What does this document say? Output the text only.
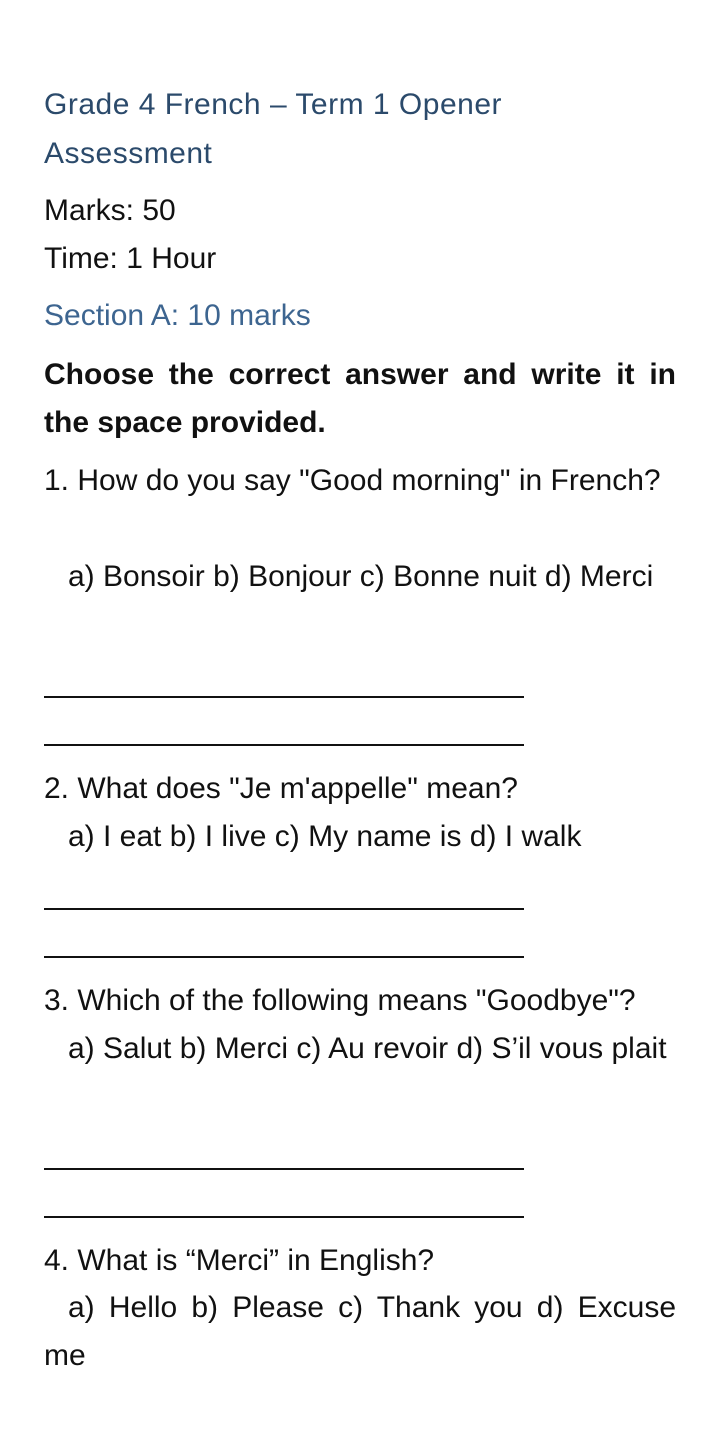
Grade 4 French – Term 1 Opener Assessment
Marks: 50
Time: 1 Hour
Section A: 10 marks
Choose the correct answer and write it in the space provided.
1. How do you say "Good morning" in French?
a) Bonsoir b) Bonjour c) Bonne nuit d) Merci
2. What does "Je m'appelle" mean?
a) I eat b) I live c) My name is d) I walk
3. Which of the following means "Goodbye"?
a) Salut b) Merci c) Au revoir d) S’il vous plait
4. What is “Merci” in English?
a) Hello b) Please c) Thank you d) Excuse me
